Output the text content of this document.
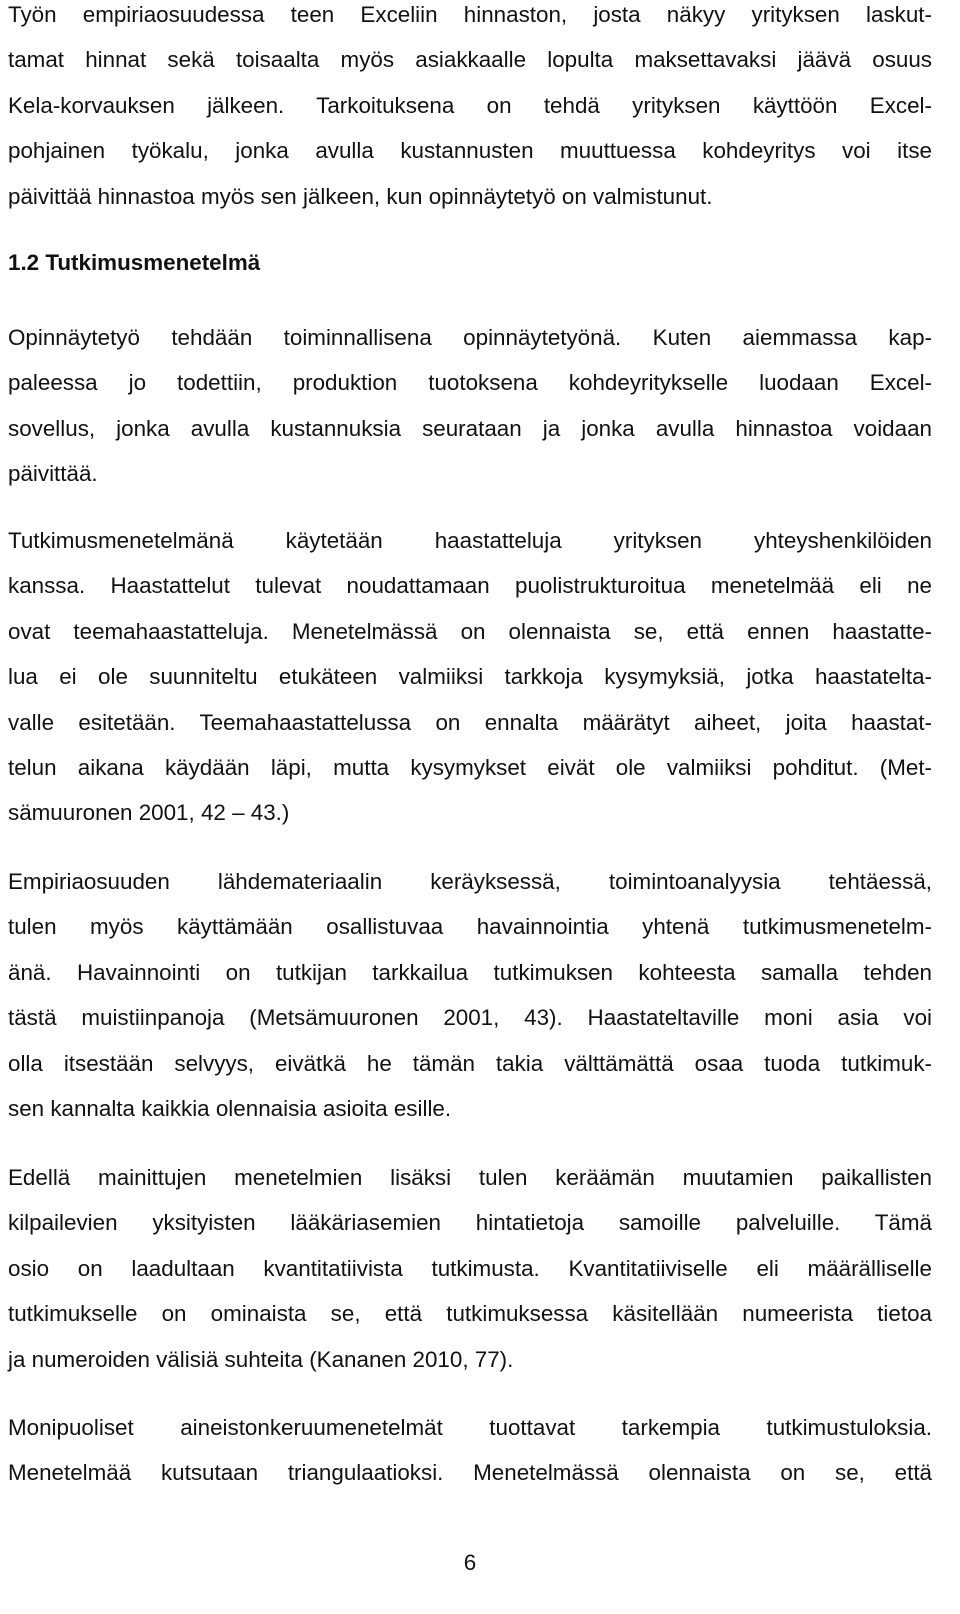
Työn empiriaosuudessa teen Exceliin hinnaston, josta näkyy yrityksen laskut-
tamat hinnat sekä toisaalta myös asiakkaalle lopulta maksettavaksi jäävä osuus
Kela-korvauksen jälkeen. Tarkoituksena on tehdä yrityksen käyttöön Excel-
pohjainen työkalu, jonka avulla kustannusten muuttuessa kohdeyritys voi itse
päivittää hinnastoa myös sen jälkeen, kun opinnäytetyö on valmistunut.
1.2 Tutkimusmenetelmä
Opinnäytetyö tehdään toiminnallisena opinnäytetyönä. Kuten aiemmassa kap-
paleessa jo todettiin, produktion tuotoksena kohdeyritykselle luodaan Excel-
sovellus, jonka avulla kustannuksia seurataan ja jonka avulla hinnastoa voidaan
päivittää.
Tutkimusmenetelmänä käytetään haastatteluja yrityksen yhteyshenkilöiden
kanssa. Haastattelut tulevat noudattamaan puolistrukturoitua menetelmää eli ne
ovat teemahaastatteluja. Menetelmässä on olennaista se, että ennen haastatte-
lua ei ole suunniteltu etukäteen valmiiksi tarkkoja kysymyksiä, jotka haastatelta-
valle esitetään. Teemahaastattelussa on ennalta määrätyt aiheet, joita haastat-
telun aikana käydään läpi, mutta kysymykset eivät ole valmiiksi pohditut. (Met-
sämuuronen 2001, 42 – 43.)
Empiriaosuuden lähdemateriaalin keräyksessä, toimintoanalyysia tehtäessä,
tulen myös käyttämään osallistuvaa havainnointia yhtenä tutkimusmenetelm-
änä. Havainnointi on tutkijan tarkkailua tutkimuksen kohteesta samalla tehden
tästä muistiinpanoja (Metsämuuronen 2001, 43). Haastateltaville moni asia voi
olla itsestään selvyys, eivätkä he tämän takia välttämättä osaa tuoda tutkimuk-
sen kannalta kaikkia olennaisia asioita esille.
Edellä mainittujen menetelmien lisäksi tulen keräämän muutamien paikallisten
kilpailevien yksityisten lääkäriasemien hintatietoja samoille palveluille. Tämä
osio on laadultaan kvantitatiivista tutkimusta. Kvantitatiiviselle eli määrälliselle
tutkimukselle on ominaista se, että tutkimuksessa käsitellään numeerista tietoa
ja numeroiden välisiä suhteita (Kananen 2010, 77).
Monipuoliset aineistonkeruumenetelmät tuottavat tarkempia tutkimustuloksia.
Menetelmää kutsutaan triangulaatioksi. Menetelmässä olennaista on se, että
6
